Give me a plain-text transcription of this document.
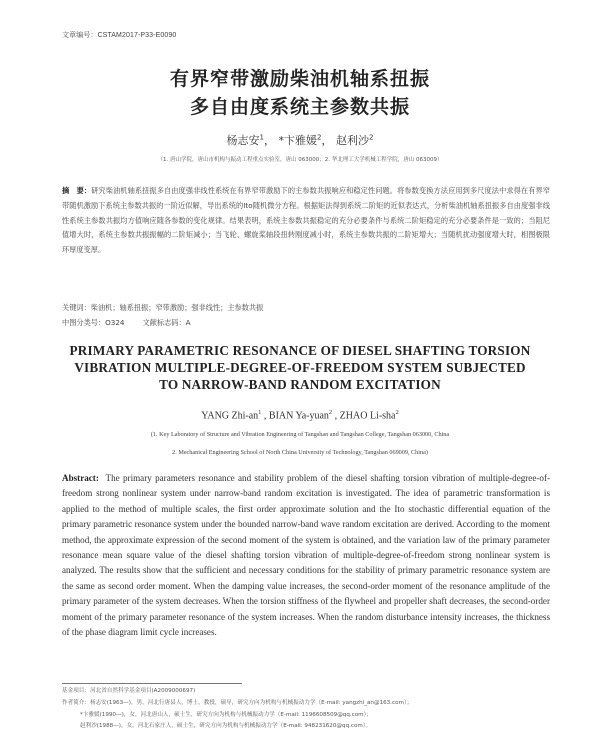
文章编号：CSTAM2017-P33-E0090
有界窄带激励柴油机轴系扭振
多自由度系统主参数共振
杨志安$^1$， *卞雅媛$^2$， 赵利沙$^2$
（1. 唐山学院，唐山市机构与振动工程重点实验室，唐山 063000；2. 华北理工大学机械工程学院，唐山 063009）
摘　要：研究柴油机轴系扭振多自由度强非线性系统在有界窄带激励下的主参数共振响应和稳定性问题。将参数变换方法应用到多尺度法中求得在有界窄带随机激励下系统主参数共振的一阶近似解，导出系统的Ito随机微分方程。根据矩法得到系统二阶矩的近似表达式，分析柴油机轴系扭振多自由度强非线性系统主参数共振均方值响应随各参数的变化规律。结果表明，系统主参数共振稳定的充分必要条件与系统二阶矩稳定的充分必要条件是一致的；当阻尼值增大时，系统主参数共振振幅的二阶矩减小；当飞轮、螺旋桨轴段扭转刚度减小时，系统主参数共振的二阶矩增大；当随机扰动强度增大时，相图极限环厚度变厚。
关键词：柴油机；轴系扭振；窄带激励；强非线性；主参数共振
中图分类号：O324	文献标志码：A
PRIMARY PARAMETRIC RESONANCE OF DIESEL SHAFTING TORSION
VIBRATION MULTIPLE-DEGREE-OF-FREEDOM SYSTEM SUBJECTED
TO NARROW-BAND RANDOM EXCITATION
YANG Zhi-$an^1$ , BIAN Ya-yuan$^2$ , ZHAO Li-sha$^2$
(1. Key Laboratory of Structure and Vibration Engineering of Tangshan and Tangshan College, Tangshan 063000, China
2. Mechanical Engineering School of North China University of Technology, Tangshan 069009, China)
Abstract: The primary parameters resonance and stability problem of the diesel shafting torsion vibration of multiple-degree-of-freedom strong nonlinear system under narrow-band random excitation is investigated. The idea of parametric transformation is applied to the method of multiple scales, the first order approximate solution and the Ito stochastic differential equation of the primary parametric resonance system under the bounded narrow-band wave random excitation are derived. According to the moment method, the approximate expression of the second moment of the system is obtained, and the variation law of the primary parameter resonance mean square value of the diesel shafting torsion vibration of multiple-degree-of-freedom strong nonlinear system is analyzed. The results show that the sufficient and necessary conditions for the stability of primary parametric resonance system are the same as second order moment. When the damping value increases, the second-order moment of the resonance amplitude of the primary parameter of the system decreases. When the torsion stiffness of the flywheel and propeller shaft decreases, the second-order moment of the primary parameter resonance of the system increases. When the random disturbance intensity increases, the thickness of the phase diagram limit cycle increases.
基金项目：河北省自然科学基金项目(A2009000697)
作者简介：杨志安(1963—)，男，河北行唐县人，博士，教授，硕导，研究方向为机构与机械振动力学（E-mail: yangzhi_an@163.com）；
*卞雅媛(1990—)，女，河北唐山人，硕士生，研究方向为机构与机械振动力学（E-mail: 1196608509@qq.com）；
赵利沙(1988—)，女，河北石家庄人，硕士生，研究方向为机构与机械振动力学（E-mail: 948231620@qq.com）。
